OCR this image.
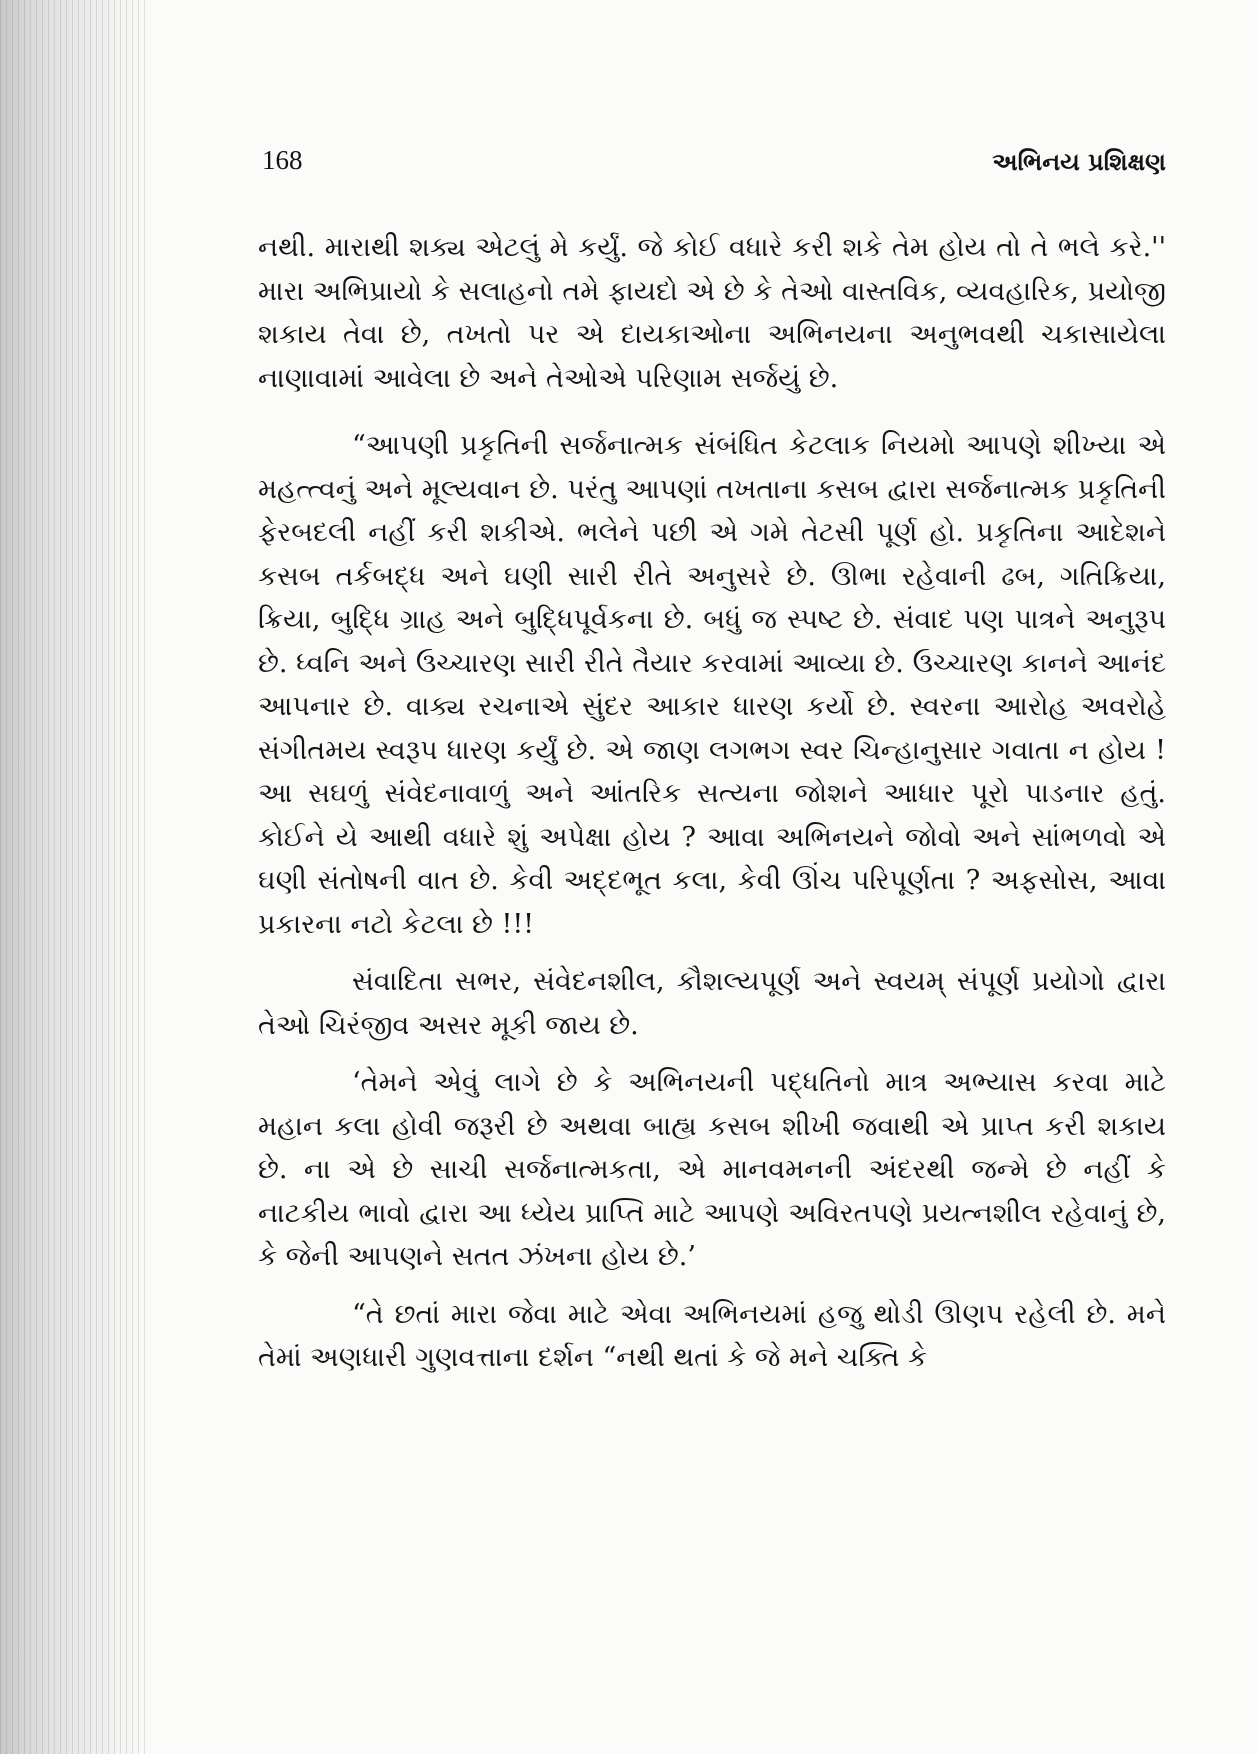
168	અભિનય પ્રશિક્ષણ

નથી. મારાથી શક્ય એટલું મે કર્યું. જે કોઈ વધારે કરી શકે તેમ હોય તો તે ભલે કરે.'' મારા અભિપ્રાયો કે સલાહનો તમે ફાયદો એ છે કે તેઓ વાસ્તવિક, વ્યવહારિક, પ્રયોજી શકાય તેવા છે, તખતો પર એ દાયકાઓના અભિનયના અનુભવથી ચકાસાયેલા નાણાવામાં આવેલા છે અને તેઓએ પરિણામ સર્જયું છે.

“આપણી પ્રકૃતિની સર્જનાત્મક સંબંધિત કેટલાક નિયમો આપણે શીખ્યા એ મહત્ત્વનું અને મૂલ્યવાન છે. પરંતુ આપણાં તખતાના કસબ દ્વારા સર્જનાત્મક પ્રકૃતિની ફેરબદલી નહીં કરી શકીએ. ભલેને પછી એ ગમે તેટસી પૂર્ણ હો. પ્રકૃતિના આદેશને કસબ તર્કબદ્ધ અને ઘણી સારી રીતે અનુસરે છે. ઊભા રહેવાની ઢબ, ગતિક્રિયા, ક્રિયા, બુદ્ધિ ગ્રાહ અને બુદ્ધિપૂર્વકના છે. બધું જ સ્પષ્ટ છે. સંવાદ પણ પાત્રને અનુરૂપ છે. ધ્વનિ અને ઉચ્ચારણ સારી રીતે તૈયાર કરવામાં આવ્યા છે. ઉચ્ચારણ કાનને આનંદ આપનાર છે. વાક્ય રચનાએ સુંદર આકાર ધારણ કર્યો છે. સ્વરના આરોહ અવરોહે સંગીતમય સ્વરૂપ ધારણ કર્યું છે. એ જાણ લગભગ સ્વર ચિન્હાનુસાર ગવાતા ન હોય ! આ સઘળું સંવેદનાવાળું અને આંતરિક સત્યના જોશને આધાર પૂરો પાડનાર હતું. કોઈને યે આથી વધારે શું અપેક્ષા હોય ? આવા અભિનયને જોવો અને સાંભળવો એ ઘણી સંતોષની વાત છે. કેવી અદ્દભૂત કલા, કેવી ઊંચ પરિપૂર્ણતા ? અફસોસ, આવા પ્રકારના નટો કેટલા છે !!!

સંવાદિતા સભર, સંવેદનશીલ, કૌશલ્યપૂર્ણ અને સ્વયમ્ સંપૂર્ણ પ્રયોગો દ્વારા તેઓ ચિરંજીવ અસર મૂકી જાય છે.

‘તેમને એવું લાગે છે કે અભિનયની પદ્ધતિનો માત્ર અભ્યાસ કરવા માટે મહાન કલા હોવી જરૂરી છે અથવા બાહ્ય કસબ શીખી જવાથી એ પ્રાપ્ત કરી શકાય છે. ના એ છે સાચી સર્જનાત્મકતા, એ માનવમનની અંદરથી જન્મે છે નહીં કે નાટકીય ભાવો દ્વારા આ ધ્યેય પ્રાપ્તિ માટે આપણે અવિરતપણે પ્રયત્નશીલ રહેવાનું છે, કે જેની આપણને સતત ઝંખના હોય છે.’

“તે છતાં મારા જેવા માટે એવા અભિનયમાં હજુ થોડી ઊણપ રહેલી છે. મને તેમાં અણધારી ગુણવત્તાના દર્શન “નથી થતાં કે જે મને ચક્તિ કે
